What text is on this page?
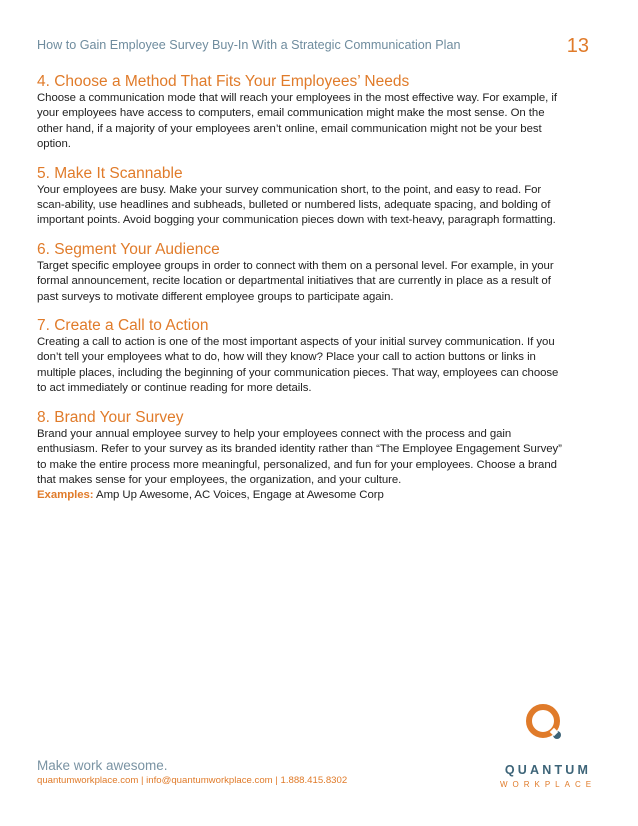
How to Gain Employee Survey Buy-In With a Strategic Communication Plan	13
4. Choose a Method That Fits Your Employees’ Needs

Choose a communication mode that will reach your employees in the most effective way. For example, if your employees have access to computers, email communication might make the most sense. On the other hand, if a majority of your employees aren’t online, email communication might not be your best option.

5. Make It Scannable

Your employees are busy. Make your survey communication short, to the point, and easy to read. For scan-ability, use headlines and subheads, bulleted or numbered lists, adequate spacing, and bolding of important points. Avoid bogging your communication pieces down with text-heavy, paragraph formatting.

6. Segment Your Audience

Target specific employee groups in order to connect with them on a personal level. For example, in your formal announcement, recite location or departmental initiatives that are currently in place as a result of past surveys to motivate different employee groups to participate again.

7. Create a Call to Action

Creating a call to action is one of the most important aspects of your initial survey communication. If you don’t tell your employees what to do, how will they know? Place your call to action buttons or links in multiple places, including the beginning of your communication pieces. That way, employees can choose to act immediately or continue reading for more details.

8. Brand Your Survey

Brand your annual employee survey to help your employees connect with the process and gain enthusiasm. Refer to your survey as its branded identity rather than “The Employee Engagement Survey” to make the entire process more meaningful, personalized, and fun for your employees. Choose a brand that makes sense for your employees, the organization, and your culture.

Examples: Amp Up Awesome, AC Voices, Engage at Awesome Corp

Make work awesome.
quantumworkplace.com | info@quantumworkplace.com | 1.888.415.8302
QUANTUM
WORKPLACE
